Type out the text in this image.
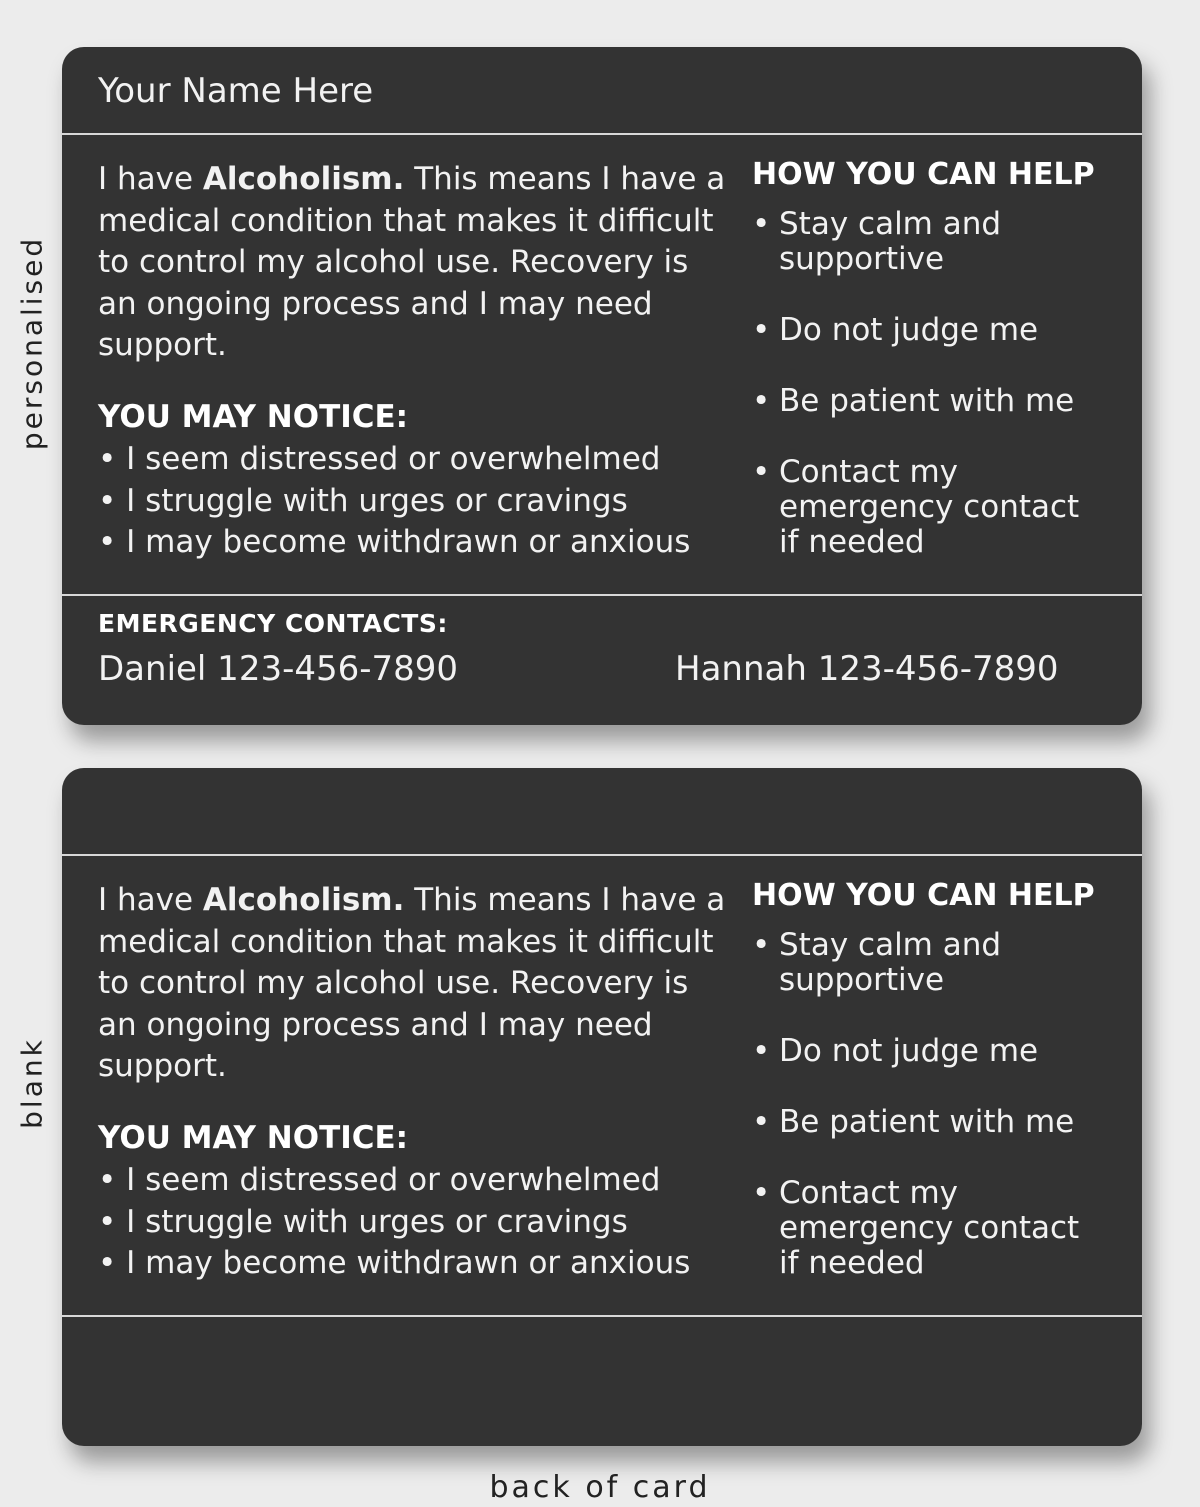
personalised
blank
Your Name Here
I have Alcoholism. This means I have a medical condition that makes it difficult to control my alcohol use. Recovery is an ongoing process and I may need support.
YOU MAY NOTICE:
• I seem distressed or overwhelmed
• I struggle with urges or cravings
• I may become withdrawn or anxious
HOW YOU CAN HELP
• Stay calm and supportive
• Do not judge me
• Be patient with me
• Contact my emergency contact if needed
EMERGENCY CONTACTS:
Daniel 123-456-7890	Hannah 123-456-7890
I have Alcoholism. This means I have a medical condition that makes it difficult to control my alcohol use. Recovery is an ongoing process and I may need support.
YOU MAY NOTICE:
• I seem distressed or overwhelmed
• I struggle with urges or cravings
• I may become withdrawn or anxious
HOW YOU CAN HELP
• Stay calm and supportive
• Do not judge me
• Be patient with me
• Contact my emergency contact if needed
back of card
